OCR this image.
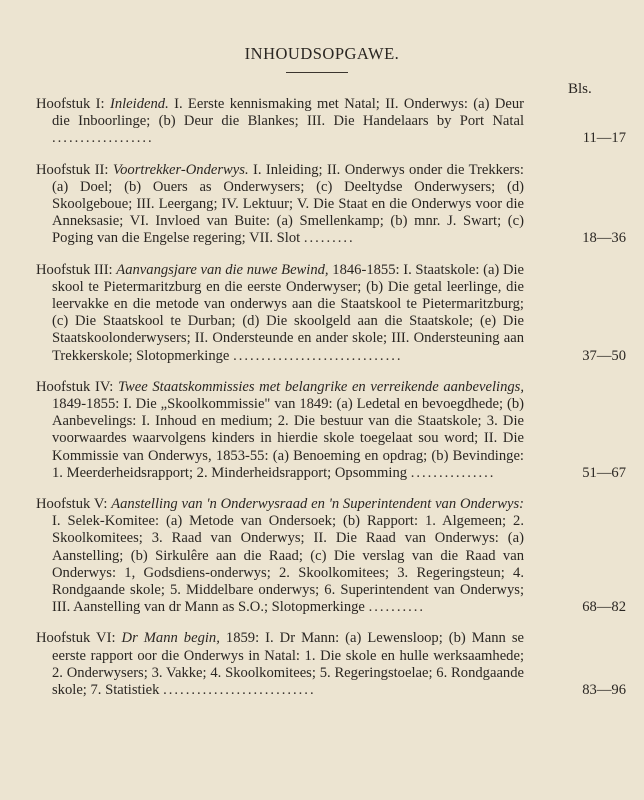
INHOUDSOPGAWE.
Bls.
Hoofstuk I: Inleidend. I. Eerste kennismaking met Natal; II. Onderwys: (a) Deur die Inboorlinge; (b) Deur die Blankes; III. Die Handelaars by Port Natal ..................	11—17
Hoofstuk II: Voortrekker-Onderwys. I. Inleiding; II. Onderwys onder die Trekkers: (a) Doel; (b) Ouers as Onderwysers; (c) Deeltydse Onderwysers; (d) Skoolgeboue; III. Leergang; IV. Lektuur; V. Die Staat en die Onderwys voor die Anneksasie; VI. Invloed van Buite: (a) Smellenkamp; (b) mnr. J. Swart; (c) Poging van die Engelse regering; VII. Slot .........	18—36
Hoofstuk III: Aanvangsjare van die nuwe Bewind, 1846-1855: I. Staatskole: (a) Die skool te Pietermaritzburg en die eerste Onderwyser; (b) Die getal leerlinge, die leervakke en die metode van onderwys aan die Staatskool te Pietermaritzburg; (c) Die Staatskool te Durban; (d) Die skoolgeld aan die Staatskole; (e) Die Staatskoolonderwysers; II. Ondersteunde en ander skole; III. Ondersteuning aan Trekkerskole; Slotopmerkinge ..............................	37—50
Hoofstuk IV: Twee Staatskommissies met belangrike en verreikende aanbevelings, 1849-1855: I. Die „Skoolkommissie" van 1849: (a) Ledetal en bevoegdhede; (b) Aanbevelings: I. Inhoud en medium; 2. Die bestuur van die Staatskole; 3. Die voorwaardes waarvolgens kinders in hierdie skole toegelaat sou word; II. Die Kommissie van Onderwys, 1853-55: (a) Benoeming en opdrag; (b) Bevindinge: 1. Meerderheidsrapport; 2. Minderheidsrapport; Opsomming ...............	51—67
Hoofstuk V: Aanstelling van 'n Onderwysraad en 'n Superintendent van Onderwys: I. Selek-Komitee: (a) Metode van Ondersoek; (b) Rapport: 1. Algemeen; 2. Skoolkomitees; 3. Raad van Onderwys; II. Die Raad van Onderwys: (a) Aanstelling; (b) Sirkulêre aan die Raad; (c) Die verslag van die Raad van Onderwys: 1, Godsdiens-onderwys; 2. Skoolkomitees; 3. Regeringsteun; 4. Rondgaande skole; 5. Middelbare onderwys; 6. Superintendent van Onderwys; III. Aanstelling van dr Mann as S.O.; Slotopmerkinge ..........	68—82
Hoofstuk VI: Dr Mann begin, 1859: I. Dr Mann: (a) Lewensloop; (b) Mann se eerste rapport oor die Onderwys in Natal: 1. Die skole en hulle werksaamhede; 2. Onderwysers; 3. Vakke; 4. Skoolkomitees; 5. Regeringstoelae; 6. Rondgaande skole; 7. Statistiek ...........................	83—96
